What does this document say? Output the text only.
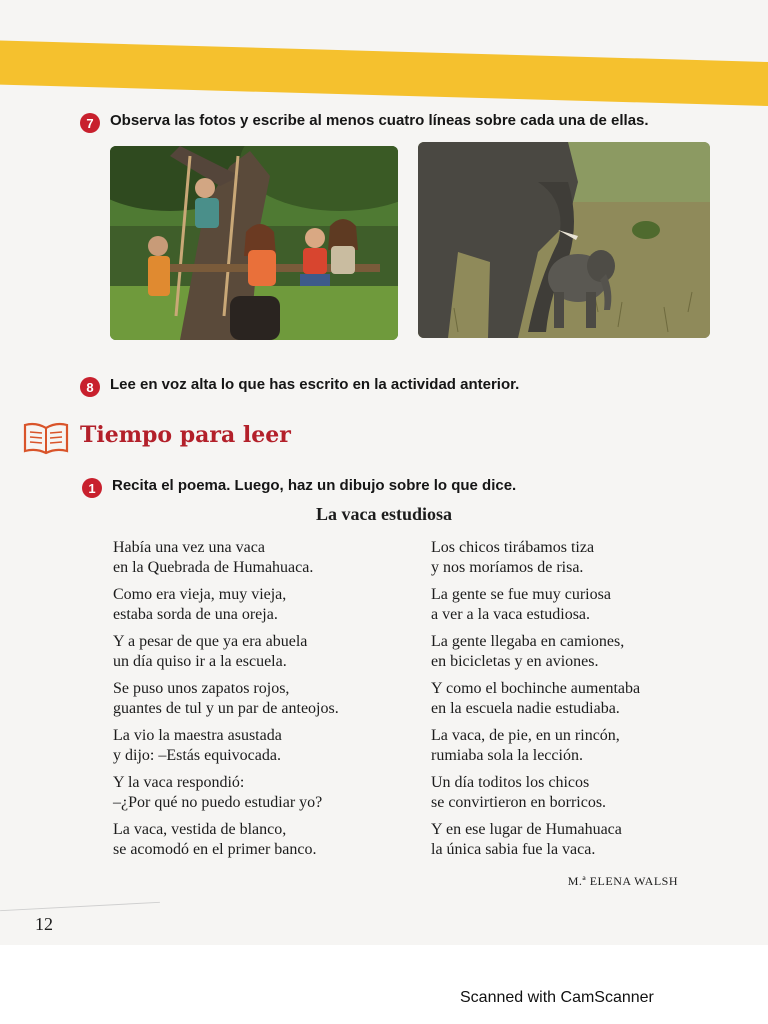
7	Observa las fotos y escribe al menos cuatro líneas sobre cada una de ellas.
8	Lee en voz alta lo que has escrito en la actividad anterior.
Tiempo para leer
1	Recita el poema. Luego, haz un dibujo sobre lo que dice.
La vaca estudiosa
Había una vez una vaca
en la Quebrada de Humahuaca.
Como era vieja, muy vieja,
estaba sorda de una oreja.
Y a pesar de que ya era abuela
un día quiso ir a la escuela.
Se puso unos zapatos rojos,
guantes de tul y un par de anteojos.
La vio la maestra asustada
y dijo: –Estás equivocada.
Y la vaca respondió:
–¿Por qué no puedo estudiar yo?
La vaca, vestida de blanco,
se acomodó en el primer banco.
Los chicos tirábamos tiza
y nos moríamos de risa.
La gente se fue muy curiosa
a ver a la vaca estudiosa.
La gente llegaba en camiones,
en bicicletas y en aviones.
Y como el bochinche aumentaba
en la escuela nadie estudiaba.
La vaca, de pie, en un rincón,
rumiaba sola la lección.
Un día toditos los chicos
se convirtieron en borricos.
Y en ese lugar de Humahuaca
la única sabia fue la vaca.
M.ª ELENA WALSH
12
Scanned with CamScanner
